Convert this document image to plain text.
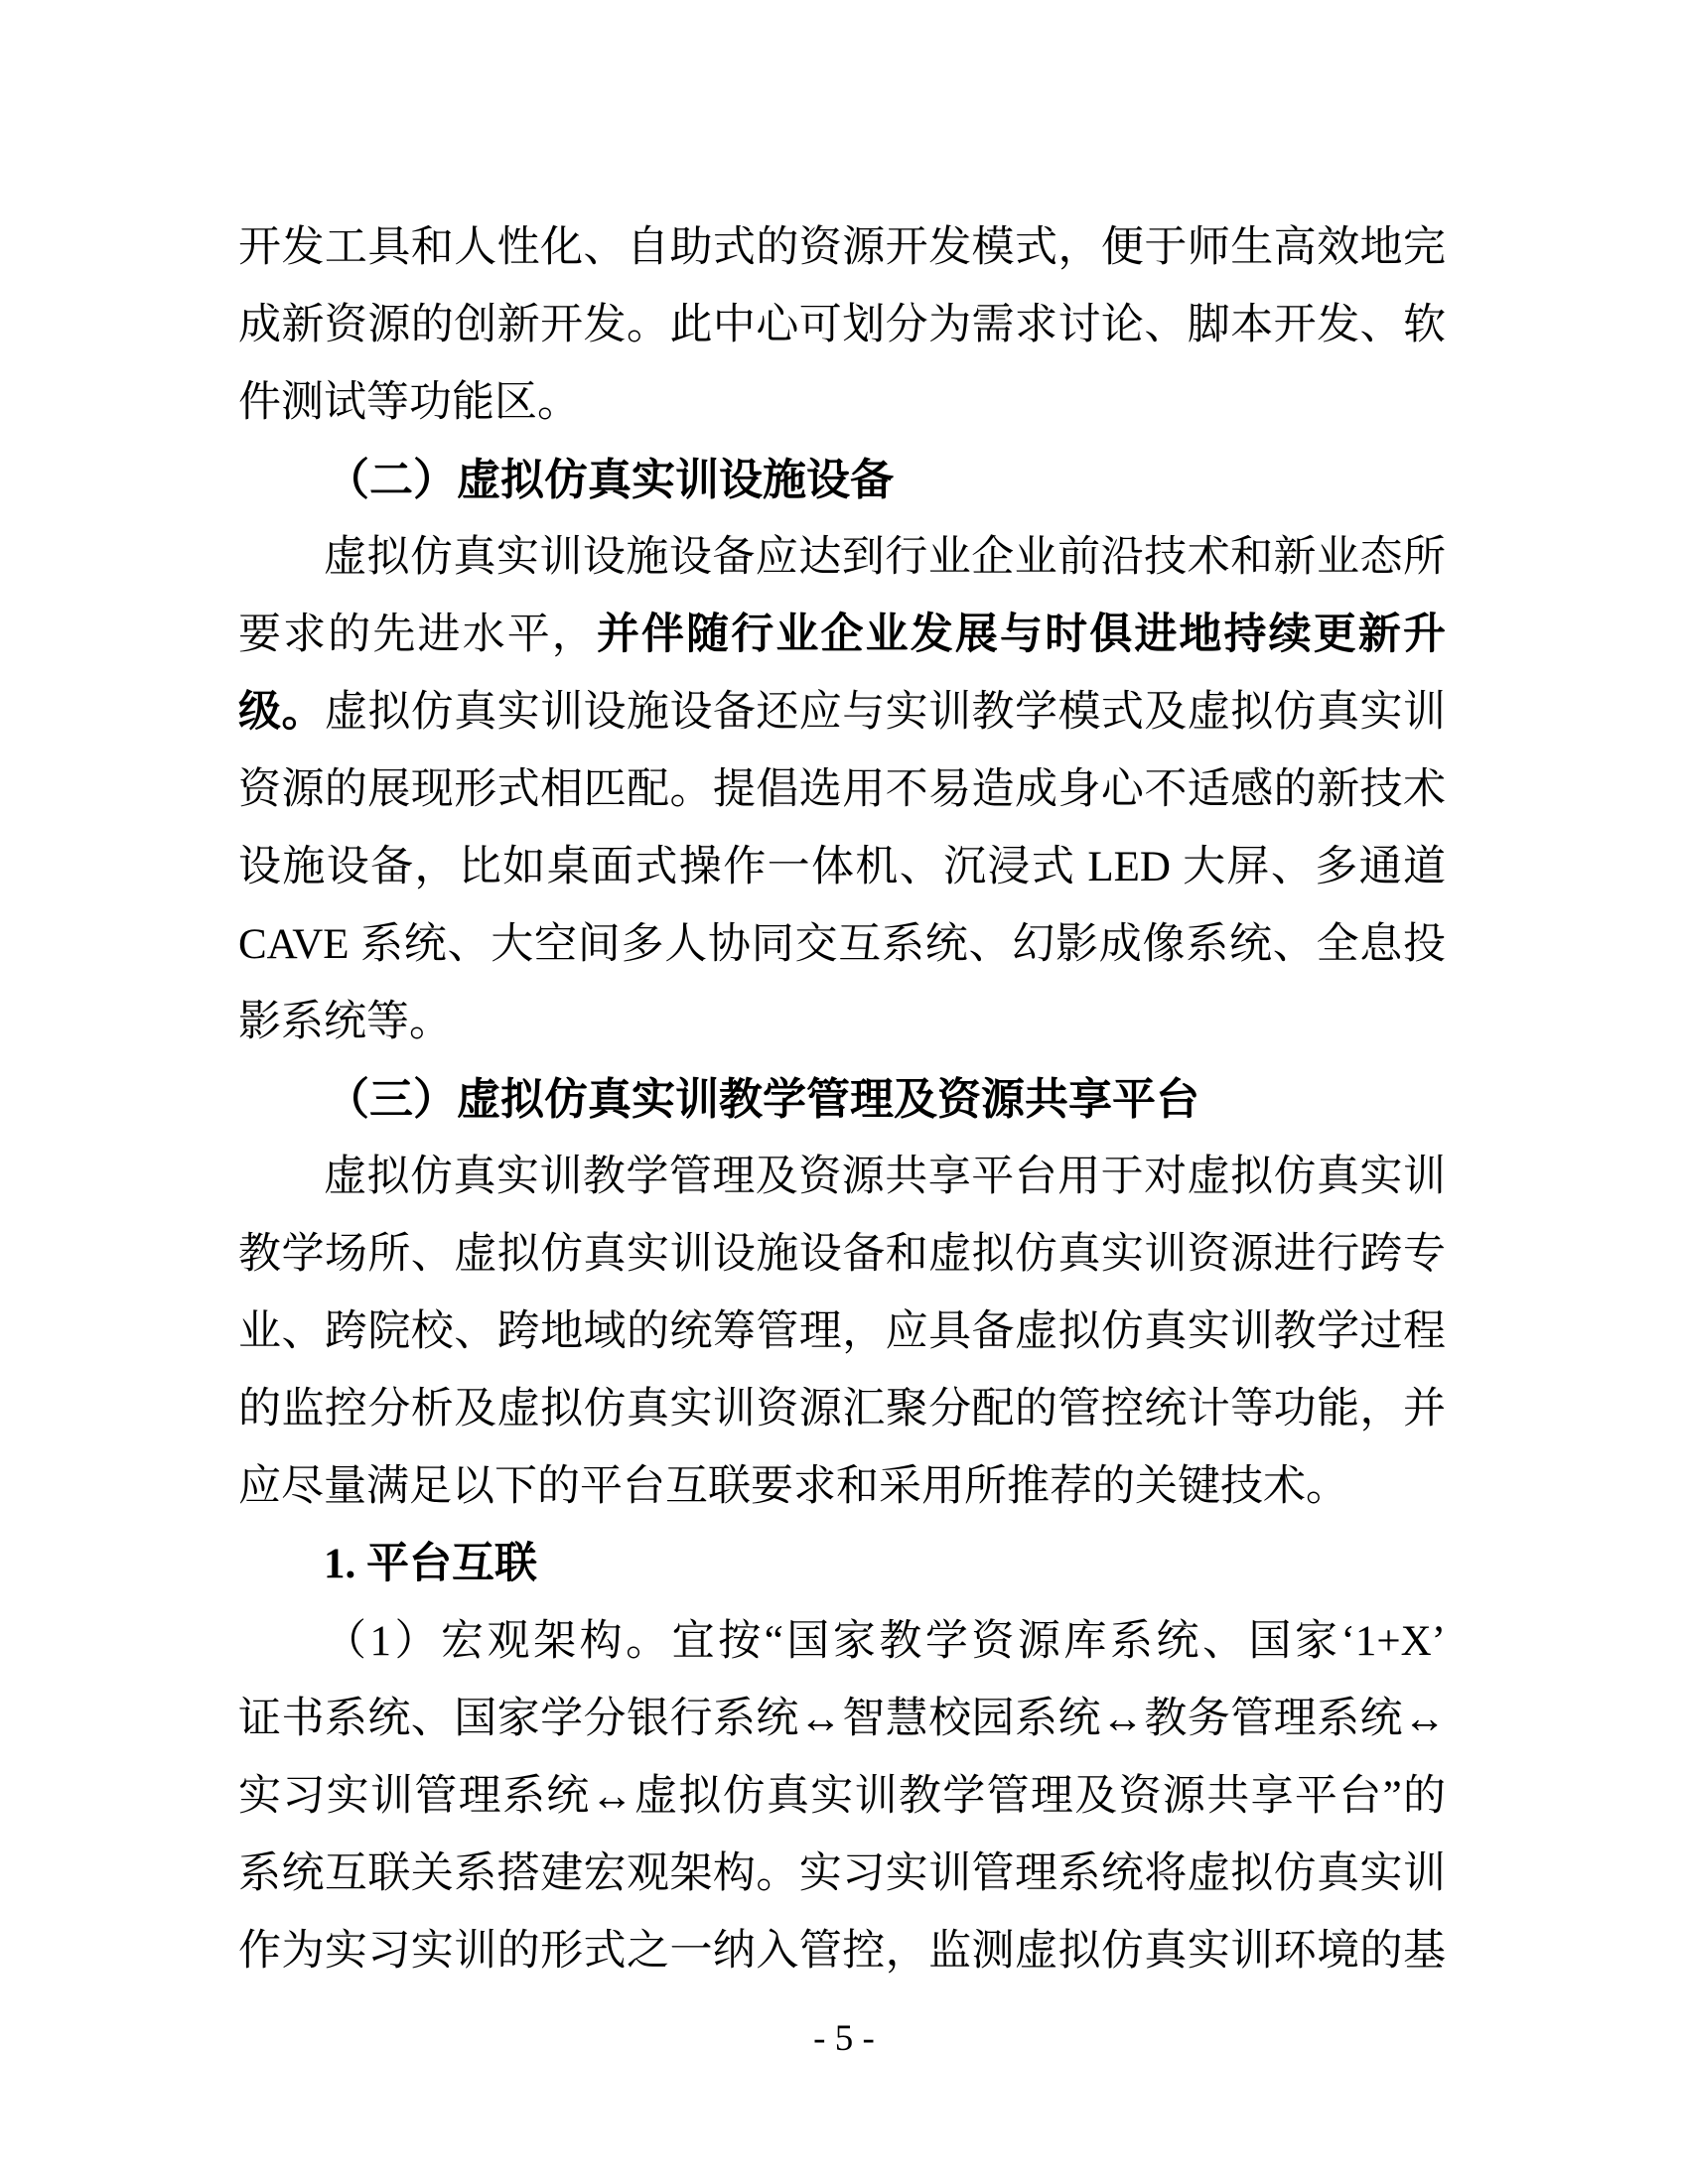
开发工具和人性化、自助式的资源开发模式，便于师生高效地完
成新资源的创新开发。此中心可划分为需求讨论、脚本开发、软
件测试等功能区。
（二）虚拟仿真实训设施设备
虚拟仿真实训设施设备应达到行业企业前沿技术和新业态所
要求的先进水平，并伴随行业企业发展与时俱进地持续更新升
级。虚拟仿真实训设施设备还应与实训教学模式及虚拟仿真实训
资源的展现形式相匹配。提倡选用不易造成身心不适感的新技术
设施设备，比如桌面式操作一体机、沉浸式 LED 大屏、多通道
CAVE 系统、大空间多人协同交互系统、幻影成像系统、全息投
影系统等。
（三）虚拟仿真实训教学管理及资源共享平台
虚拟仿真实训教学管理及资源共享平台用于对虚拟仿真实训
教学场所、虚拟仿真实训设施设备和虚拟仿真实训资源进行跨专
业、跨院校、跨地域的统筹管理，应具备虚拟仿真实训教学过程
的监控分析及虚拟仿真实训资源汇聚分配的管控统计等功能，并
应尽量满足以下的平台互联要求和采用所推荐的关键技术。
1. 平台互联
（1）宏观架构。宜按“国家教学资源库系统、国家‘1+X’
证书系统、国家学分银行系统↔智慧校园系统↔教务管理系统↔
实习实训管理系统↔虚拟仿真实训教学管理及资源共享平台”的
系统互联关系搭建宏观架构。实习实训管理系统将虚拟仿真实训
作为实习实训的形式之一纳入管控，监测虚拟仿真实训环境的基
- 5 -
